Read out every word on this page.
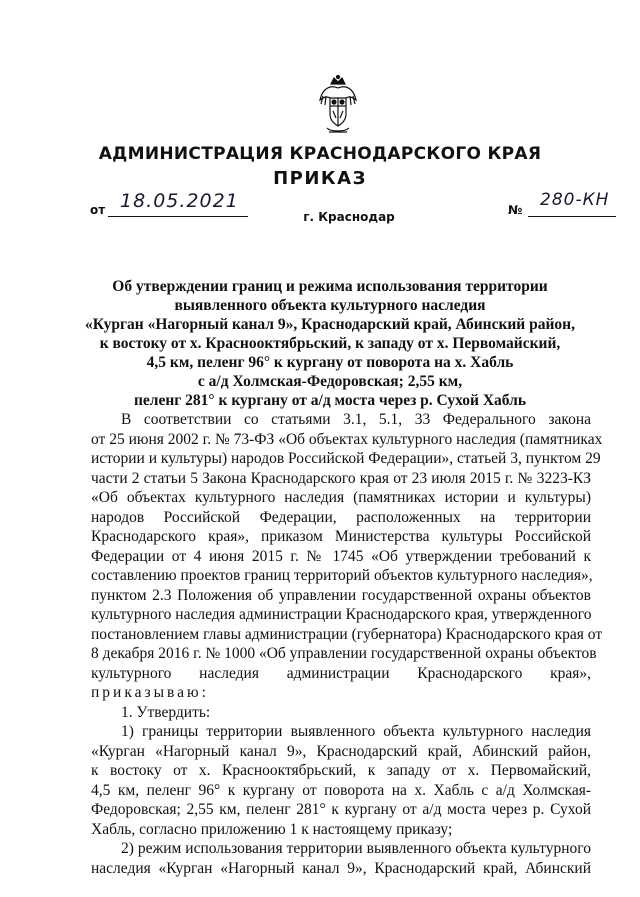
АДМИНИСТРАЦИЯ КРАСНОДАРСКОГО КРАЯ
ПРИКАЗ
от 18.05.2021
г. Краснодар	№ 280-КН
Об утверждении границ и режима использования территории
выявленного объекта культурного наследия
«Курган «Нагорный канал 9», Краснодарский край, Абинский район,
к востоку от х. Краснооктябрьский, к западу от х. Первомайский,
4,5 км, пеленг 96° к кургану от поворота на х. Хабль
с а/д Холмская-Федоровская; 2,55 км,
пеленг 281° к кургану от а/д моста через р. Сухой Хабль
В соответствии со статьями 3.1, 5.1, 33 Федерального закона
от 25 июня 2002 г. № 73-ФЗ «Об объектах культурного наследия (памятниках
истории и культуры) народов Российской Федерации», статьей 3, пунктом 29
части 2 статьи 5 Закона Краснодарского края от 23 июля 2015 г. № 3223-КЗ
«Об объектах культурного наследия (памятниках истории и культуры)
народов Российской Федерации, расположенных на территории
Краснодарского края», приказом Министерства культуры Российской
Федерации от 4 июня 2015 г. № 1745 «Об утверждении требований к
составлению проектов границ территорий объектов культурного наследия»,
пунктом 2.3 Положения об управлении государственной охраны объектов
культурного наследия администрации Краснодарского края, утвержденного
постановлением главы администрации (губернатора) Краснодарского края от
8 декабря 2016 г. № 1000 «Об управлении государственной охраны объектов
культурного наследия администрации Краснодарского края»,
приказываю:
1. Утвердить:
1) границы территории выявленного объекта культурного наследия
«Курган «Нагорный канал 9», Краснодарский край, Абинский район,
к востоку от х. Краснооктябрьский, к западу от х. Первомайский,
4,5 км, пеленг 96° к кургану от поворота на х. Хабль с а/д Холмская-
Федоровская; 2,55 км, пеленг 281° к кургану от а/д моста через р. Сухой
Хабль, согласно приложению 1 к настоящему приказу;
2) режим использования территории выявленного объекта культурного
наследия «Курган «Нагорный канал 9», Краснодарский край, Абинский
